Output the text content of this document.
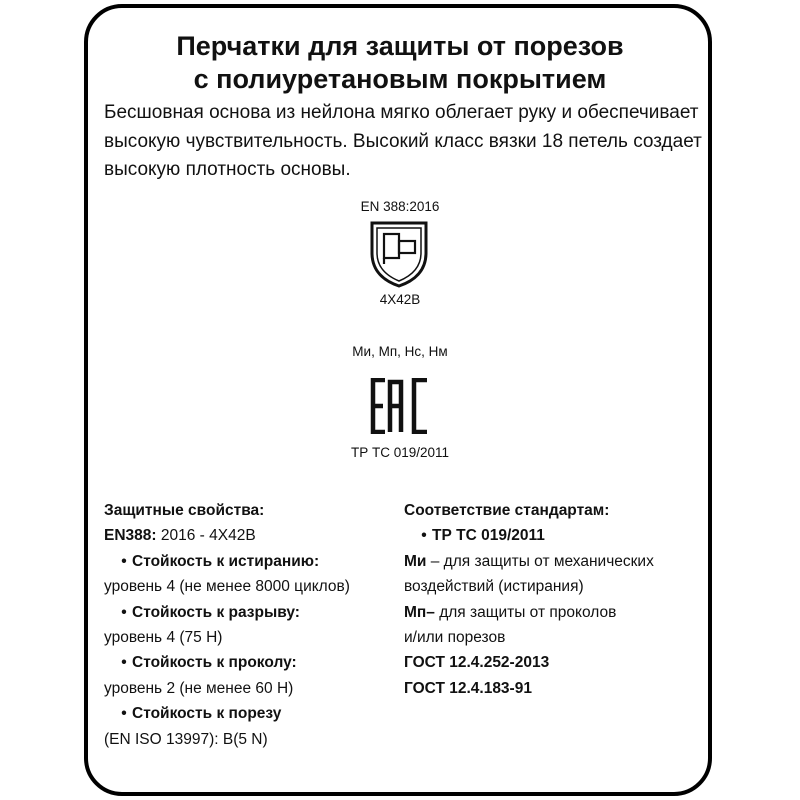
Перчатки для защиты от порезов
с полиуретановым покрытием

Бесшовная основа из нейлона мягко облегает руку и обеспечивает высокую чувствительность. Высокий класс вязки 18 петель создает высокую плотность основы.

EN 388:2016
4X42B
Ми, Мп, Нс, Нм
ТР ТС 019/2011
Защитные свойства:
EN388: 2016 - 4X42B
• Стойкость к истиранию:
уровень 4 (не менее 8000 циклов)
• Стойкость к разрыву:
уровень 4 (75 Н)
• Стойкость к проколу:
уровень 2 (не менее 60 Н)
• Стойкость к порезу
(EN ISO 13997): B(5 N)
Соответствие стандартам:
• ТР ТС 019/2011
Ми – для защиты от механических
воздействий (истирания)
Мп– для защиты от проколов
и/или порезов
ГОСТ 12.4.252-2013
ГОСТ 12.4.183-91
